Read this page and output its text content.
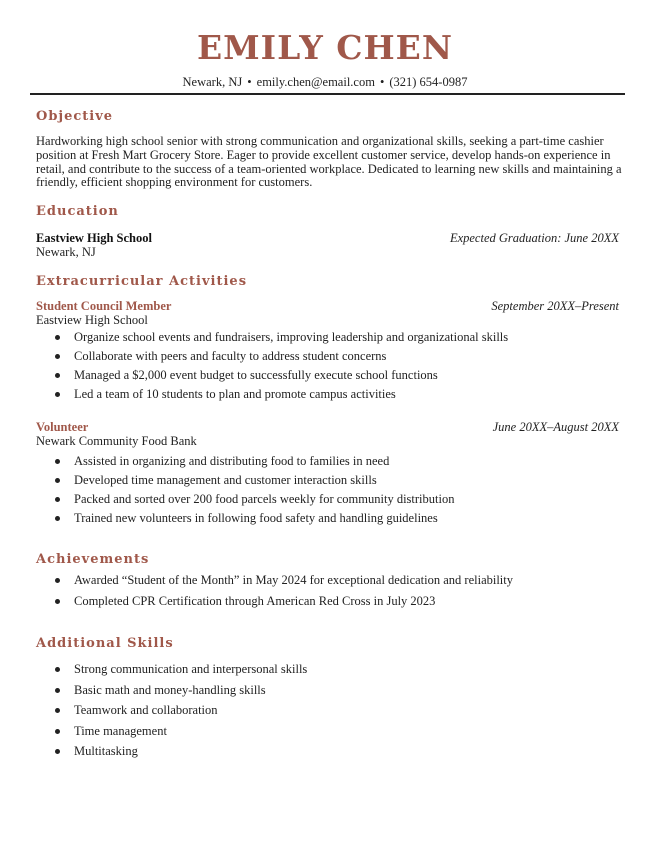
EMILY CHEN
Newark, NJ • emily.chen@email.com • (321) 654-0987
Objective
Hardworking high school senior with strong communication and organizational skills, seeking a part-time cashier position at Fresh Mart Grocery Store. Eager to provide excellent customer service, develop hands-on experience in retail, and contribute to the success of a team-oriented workplace. Dedicated to learning new skills and maintaining a friendly, efficient shopping environment for customers.
Education
Eastview High School	Expected Graduation: June 20XX
Newark, NJ
Extracurricular Activities
Student Council Member	September 20XX–Present
Eastview High School
Organize school events and fundraisers, improving leadership and organizational skills
Collaborate with peers and faculty to address student concerns
Managed a $2,000 event budget to successfully execute school functions
Led a team of 10 students to plan and promote campus activities
Volunteer	June 20XX–August 20XX
Newark Community Food Bank
Assisted in organizing and distributing food to families in need
Developed time management and customer interaction skills
Packed and sorted over 200 food parcels weekly for community distribution
Trained new volunteers in following food safety and handling guidelines
Achievements
Awarded “Student of the Month” in May 2024 for exceptional dedication and reliability
Completed CPR Certification through American Red Cross in July 2023
Additional Skills
Strong communication and interpersonal skills
Basic math and money-handling skills
Teamwork and collaboration
Time management
Multitasking
